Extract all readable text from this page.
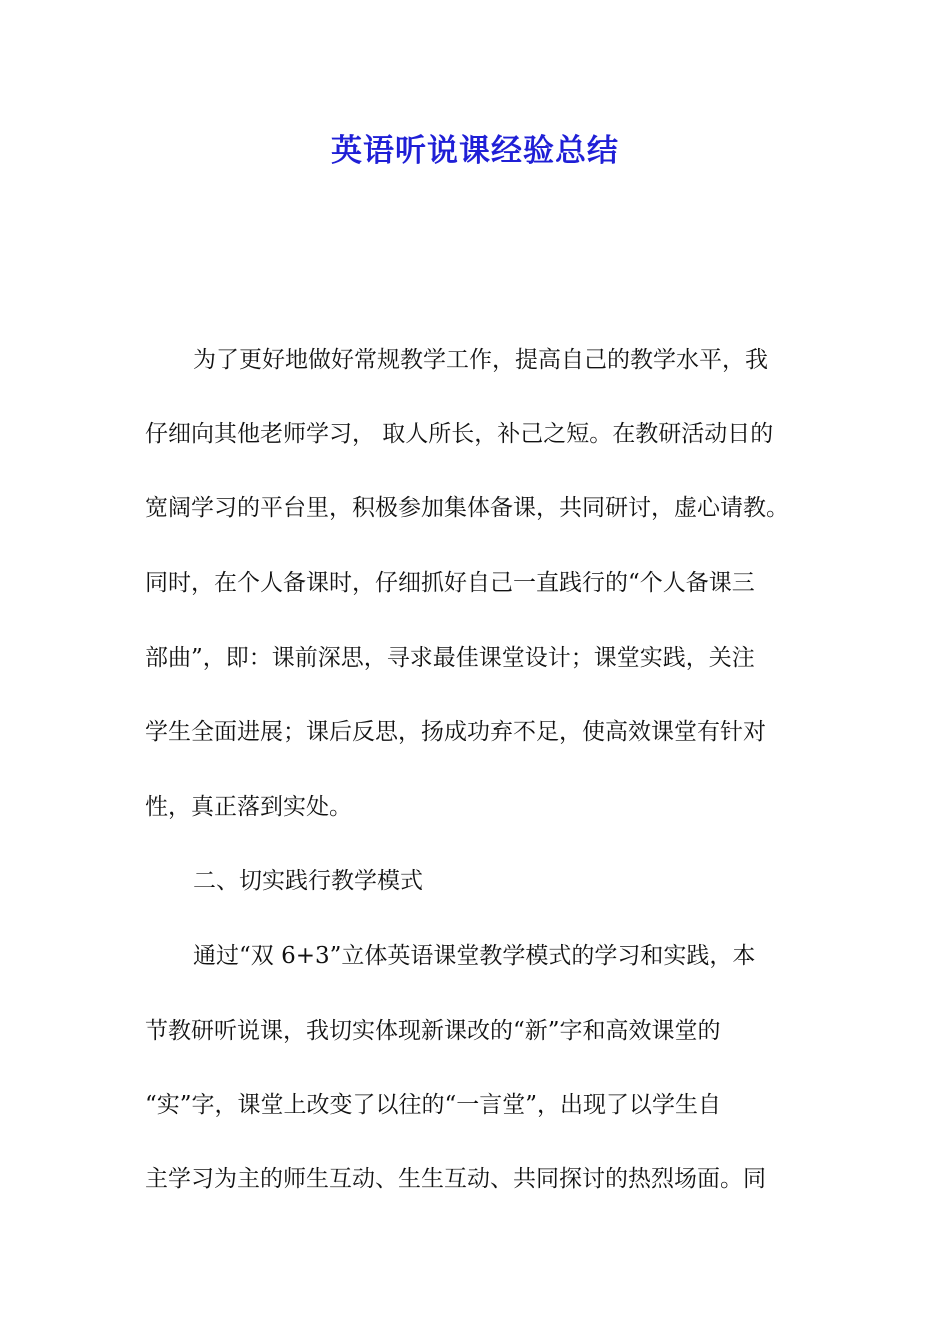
英语听说课经验总结

为了更好地做好常规教学工作，提高自己的教学水平，我

仔细向其他老师学习， 取人所长，补己之短。在教研活动日的

宽阔学习的平台里，积极参加集体备课，共同研讨，虚心请教。

同时，在个人备课时，仔细抓好自己一直践行的“个人备课三

部曲”，即：课前深思，寻求最佳课堂设计；课堂实践，关注

学生全面进展；课后反思，扬成功弃不足，使高效课堂有针对

性，真正落到实处。

二、切实践行教学模式

通过“双 6+3”立体英语课堂教学模式的学习和实践，本

节教研听说课，我切实体现新课改的“新”字和高效课堂的

“实”字，课堂上改变了以往的“一言堂”，出现了以学生自

主学习为主的师生互动、生生互动、共同探讨的热烈场面。同
